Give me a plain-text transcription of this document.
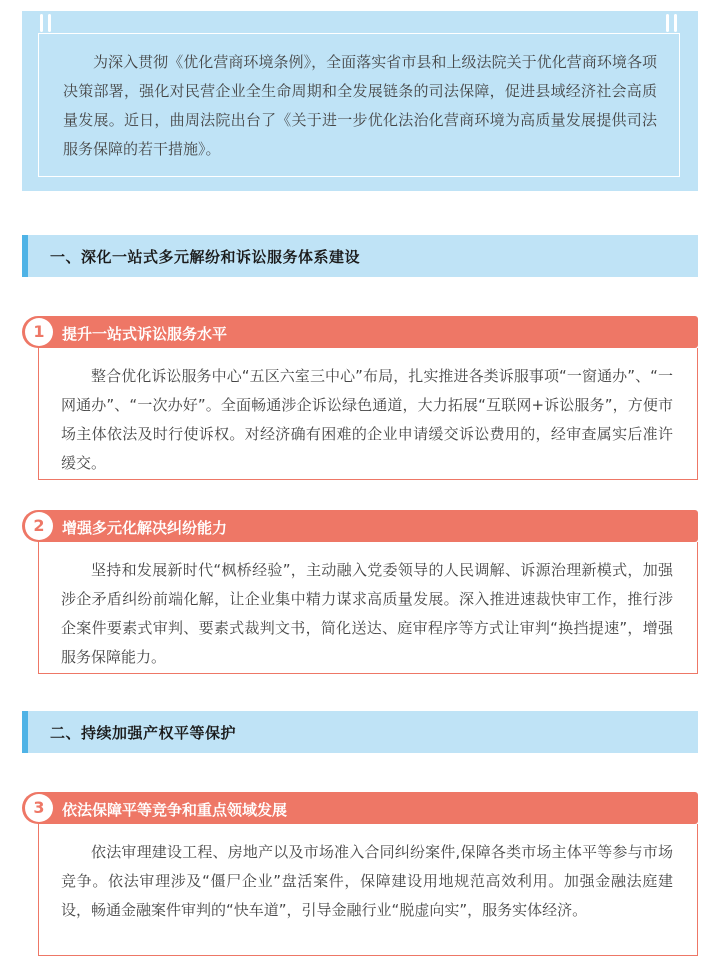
为深入贯彻《优化营商环境条例》，全面落实省市县和上级法院关于优化营商环境各项决策部署，强化对民营企业全生命周期和全发展链条的司法保障，促进县域经济社会高质量发展。近日，曲周法院出台了《关于进一步优化法治化营商环境为高质量发展提供司法服务保障的若干措施》。

一、深化一站式多元解纷和诉讼服务体系建设
1	提升一站式诉讼服务水平

整合优化诉讼服务中心“五区六室三中心”布局，扎实推进各类诉服事项“一窗通办”、“一网通办”、“一次办好”。全面畅通涉企诉讼绿色通道，大力拓展“互联网+诉讼服务”，方便市场主体依法及时行使诉权。对经济确有困难的企业申请缓交诉讼费用的，经审查属实后准许缓交。

2	增强多元化解决纠纷能力

坚持和发展新时代“枫桥经验”，主动融入党委领导的人民调解、诉源治理新模式，加强涉企矛盾纠纷前端化解，让企业集中精力谋求高质量发展。深入推进速裁快审工作，推行涉企案件要素式审判、要素式裁判文书，简化送达、庭审程序等方式让审判“换挡提速”，增强服务保障能力。

二、持续加强产权平等保护
3	依法保障平等竞争和重点领域发展

依法审理建设工程、房地产以及市场准入合同纠纷案件,保障各类市场主体平等参与市场竞争。依法审理涉及“僵尸企业”盘活案件，保障建设用地规范高效利用。加强金融法庭建设，畅通金融案件审判的“快车道”，引导金融行业“脱虚向实”，服务实体经济。
